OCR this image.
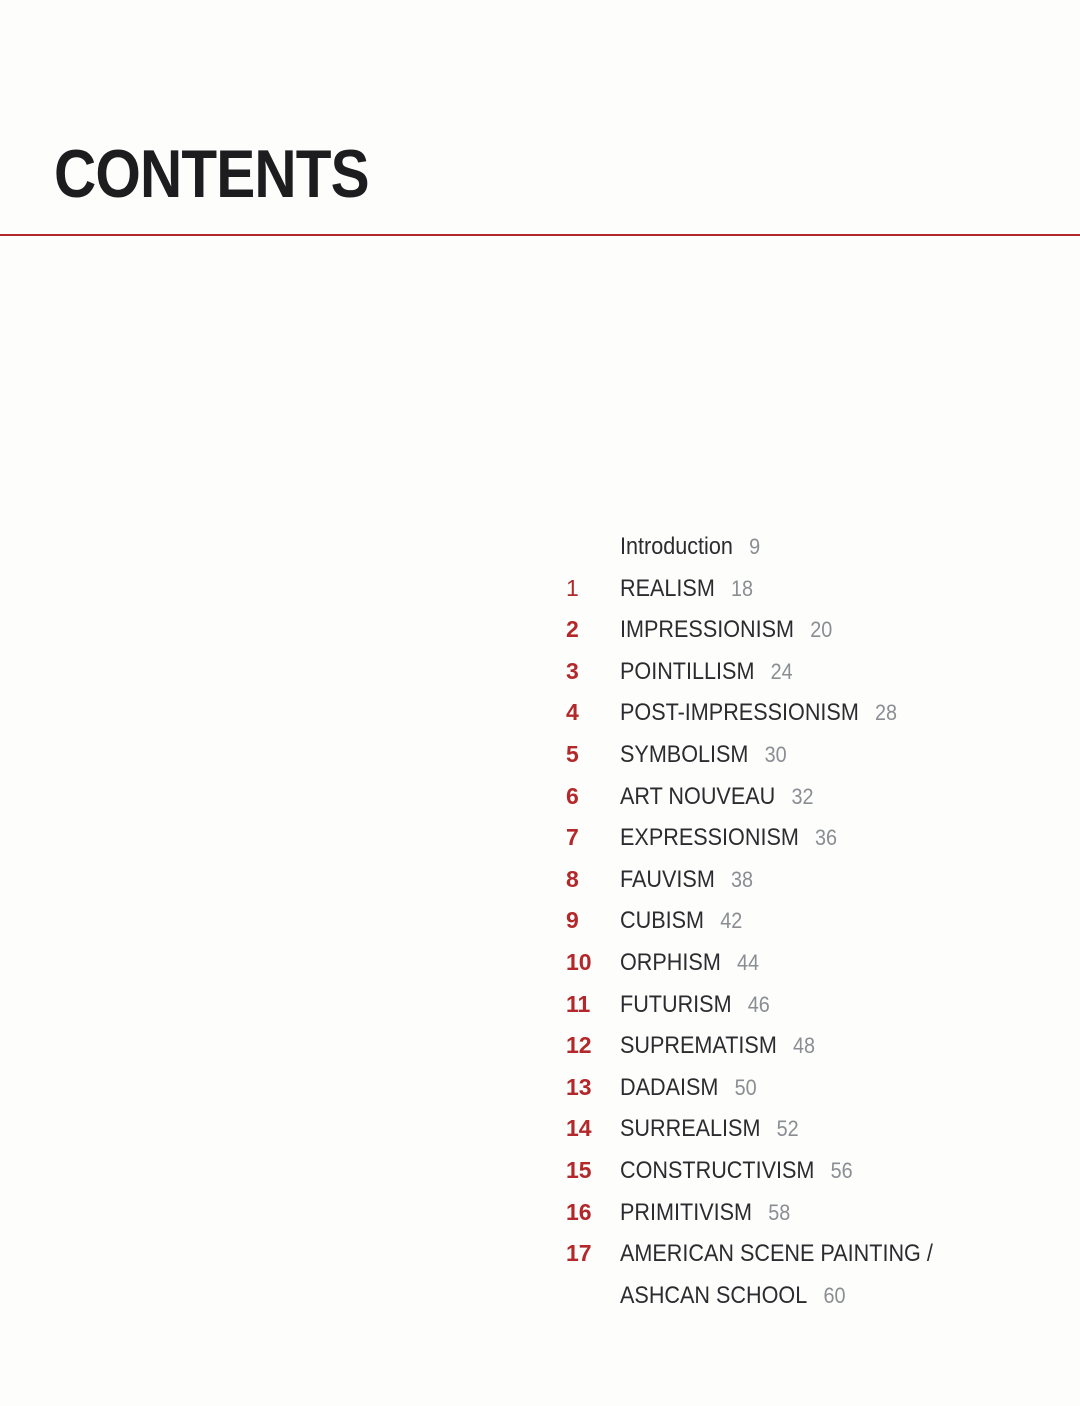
CONTENTS
Introduction 9
1 REALISM 18
2 IMPRESSIONISM 20
3 POINTILLISM 24
4 POST-IMPRESSIONISM 28
5 SYMBOLISM 30
6 ART NOUVEAU 32
7 EXPRESSIONISM 36
8 FAUVISM 38
9 CUBISM 42
10 ORPHISM 44
11 FUTURISM 46
12 SUPREMATISM 48
13 DADAISM 50
14 SURREALISM 52
15 CONSTRUCTIVISM 56
16 PRIMITIVISM 58
17 AMERICAN SCENE PAINTING /
ASHCAN SCHOOL 60
